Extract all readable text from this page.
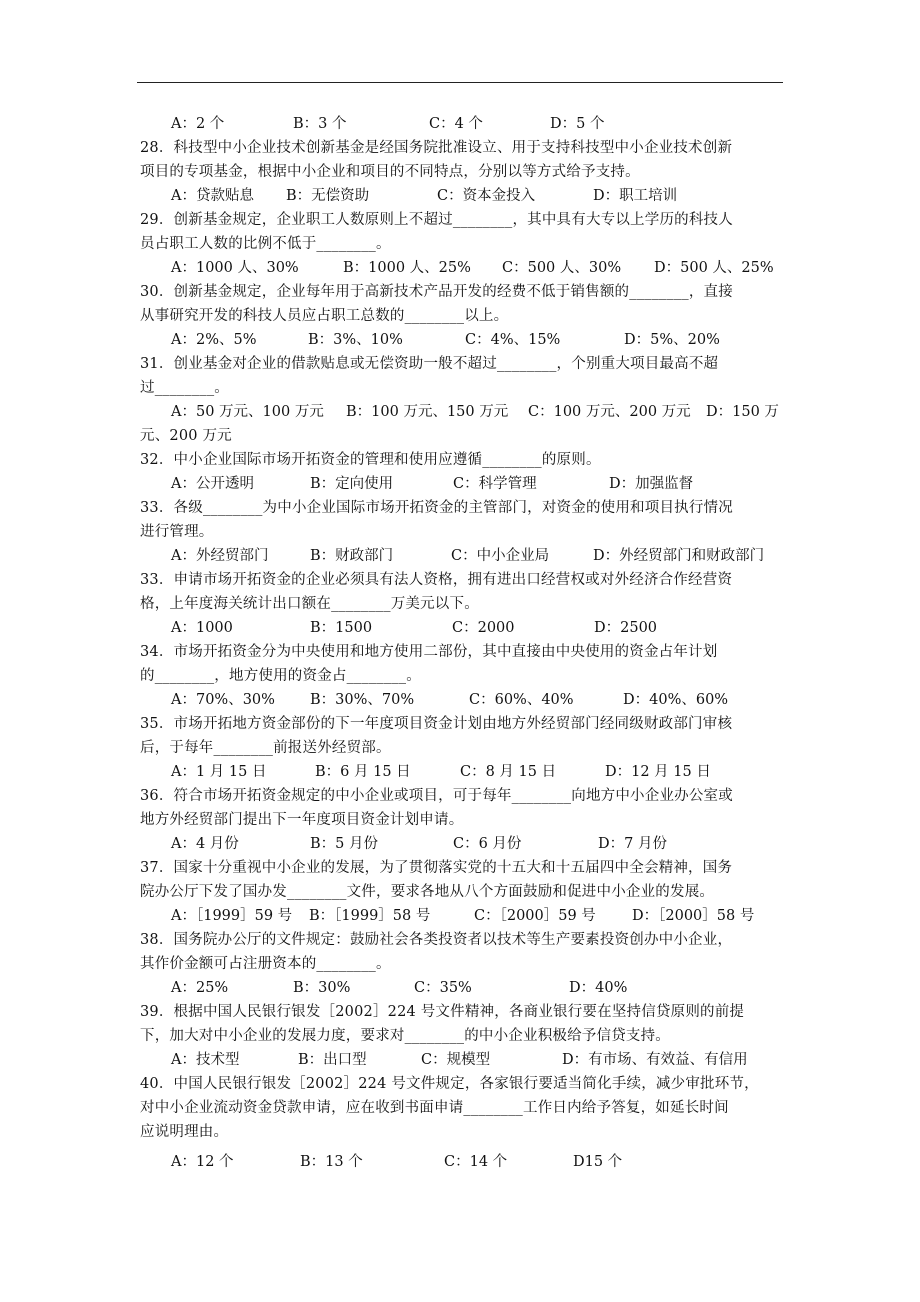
A：2 个	B：3 个	C：4 个	D：5 个
28．科技型中小企业技术创新基金是经国务院批准设立、用于支持科技型中小企业技术创新
项目的专项基金，根据中小企业和项目的不同特点，分别以等方式给予支持。
A：贷款贴息 B：无偿资助	C：资本金投入	D：职工培训
29．创新基金规定，企业职工人数原则上不超过________，其中具有大专以上学历的科技人
员占职工人数的比例不低于________。
A：1000 人、30%	B：1000 人、25% C：500 人、30% D：500 人、25%
30．创新基金规定，企业每年用于高新技术产品开发的经费不低于销售额的________，直接
从事研究开发的科技人员应占职工总数的________以上。
A：2%、5%	B：3%、10%	C：4%、15%	D：5%、20%
31．创业基金对企业的借款贴息或无偿资助一般不超过________，个别重大项目最高不超
过________。
A：50 万元、100 万元 B：100 万元、150 万元 C：100 万元、200 万元 D：150 万
元、200 万元
32．中小企业国际市场开拓资金的管理和使用应遵循________的原则。
A：公开透明	B：定向使用	C：科学管理	D：加强监督
33．各级________为中小企业国际市场开拓资金的主管部门，对资金的使用和项目执行情况
进行管理。
A：外经贸部门	B：财政部门	C：中小企业局	D：外经贸部门和财政部门
33．申请市场开拓资金的企业必须具有法人资格，拥有进出口经营权或对外经济合作经营资
格，上年度海关统计出口额在________万美元以下。
A：1000	B：1500	C：2000	D：2500
34．市场开拓资金分为中央使用和地方使用二部份，其中直接由中央使用的资金占年计划
的________，地方使用的资金占________。
A：70%、30% B：30%、70%	C：60%、40%	D：40%、60%
35．市场开拓地方资金部份的下一年度项目资金计划由地方外经贸部门经同级财政部门审核
后，于每年________前报送外经贸部。
A：1 月 15 日	B：6 月 15 日	C：8 月 15 日	D：12 月 15 日
36．符合市场开拓资金规定的中小企业或项目，可于每年________向地方中小企业办公室或
地方外经贸部门提出下一年度项目资金计划申请。
A：4 月份	B：5 月份	C：6 月份	D：7 月份
37．国家十分重视中小企业的发展，为了贯彻落实党的十五大和十五届四中全会精神，国务
院办公厅下发了国办发________文件，要求各地从八个方面鼓励和促进中小企业的发展。
A：［1999］59 号 B：［1999］58 号	C：［2000］59 号 D：［2000］58 号
38．国务院办公厅的文件规定：鼓励社会各类投资者以技术等生产要素投资创办中小企业，
其作价金额可占注册资本的________。
A：25%	B：30%	C：35%	D：40%
39．根据中国人民银行银发［2002］224 号文件精神，各商业银行要在坚持信贷原则的前提
下，加大对中小企业的发展力度，要求对________的中小企业积极给予信贷支持。
A：技术型	B：出口型	C：规模型	D：有市场、有效益、有信用
40．中国人民银行银发［2002］224 号文件规定，各家银行要适当简化手续，减少审批环节，
对中小企业流动资金贷款申请，应在收到书面申请________工作日内给予答复，如延长时间
应说明理由。
A：12 个	B：13 个	C：14 个	D15 个
